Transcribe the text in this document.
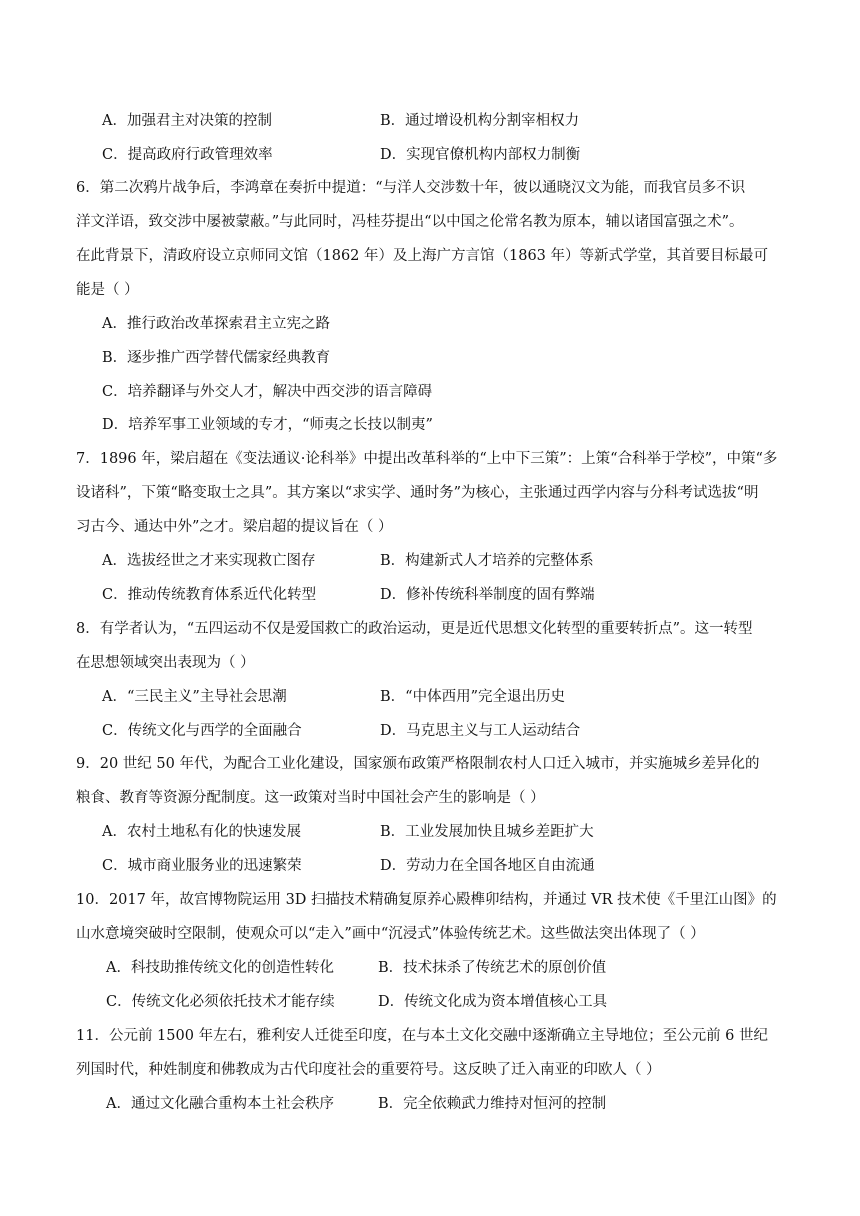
A．加强君主对决策的控制	B．通过增设机构分割宰相权力
C．提高政府行政管理效率	D．实现官僚机构内部权力制衡
6．第二次鸦片战争后，李鸿章在奏折中提道：“与洋人交涉数十年，彼以通晓汉文为能，而我官员多不识
洋文洋语，致交涉中屡被蒙蔽。”与此同时，冯桂芬提出“以中国之伦常名教为原本，辅以诸国富强之术”。
在此背景下，清政府设立京师同文馆（1862 年）及上海广方言馆（1863 年）等新式学堂，其首要目标最可
能是（ ）
A．推行政治改革探索君主立宪之路
B．逐步推广西学替代儒家经典教育
C．培养翻译与外交人才，解决中西交涉的语言障碍
D．培养军事工业领域的专才，“师夷之长技以制夷”
7．1896 年，梁启超在《变法通议·论科举》中提出改革科举的“上中下三策”：上策“合科举于学校”，中策“多
设诸科”，下策“略变取士之具”。其方案以“求实学、通时务”为核心，主张通过西学内容与分科考试选拔“明
习古今、通达中外”之才。梁启超的提议旨在（ ）
A．选拔经世之才来实现救亡图存	B．构建新式人才培养的完整体系
C．推动传统教育体系近代化转型	D．修补传统科举制度的固有弊端
8．有学者认为，“五四运动不仅是爱国救亡的政治运动，更是近代思想文化转型的重要转折点”。这一转型
在思想领域突出表现为（ ）
A．“三民主义”主导社会思潮	B．“中体西用”完全退出历史
C．传统文化与西学的全面融合	D．马克思主义与工人运动结合
9．20 世纪 50 年代，为配合工业化建设，国家颁布政策严格限制农村人口迁入城市，并实施城乡差异化的
粮食、教育等资源分配制度。这一政策对当时中国社会产生的影响是（ ）
A．农村土地私有化的快速发展	B．工业发展加快且城乡差距扩大
C．城市商业服务业的迅速繁荣	D．劳动力在全国各地区自由流通
10．2017 年，故宫博物院运用 3D 扫描技术精确复原养心殿榫卯结构，并通过 VR 技术使《千里江山图》的
山水意境突破时空限制，使观众可以“走入”画中“沉浸式”体验传统艺术。这些做法突出体现了（ ）
A．科技助推传统文化的创造性转化	B．技术抹杀了传统艺术的原创价值
C．传统文化必须依托技术才能存续	D．传统文化成为资本增值核心工具
11．公元前 1500 年左右，雅利安人迁徙至印度，在与本土文化交融中逐渐确立主导地位；至公元前 6 世纪
列国时代，种姓制度和佛教成为古代印度社会的重要符号。这反映了迁入南亚的印欧人（ ）
A．通过文化融合重构本土社会秩序	B．完全依赖武力维持对恒河的控制
